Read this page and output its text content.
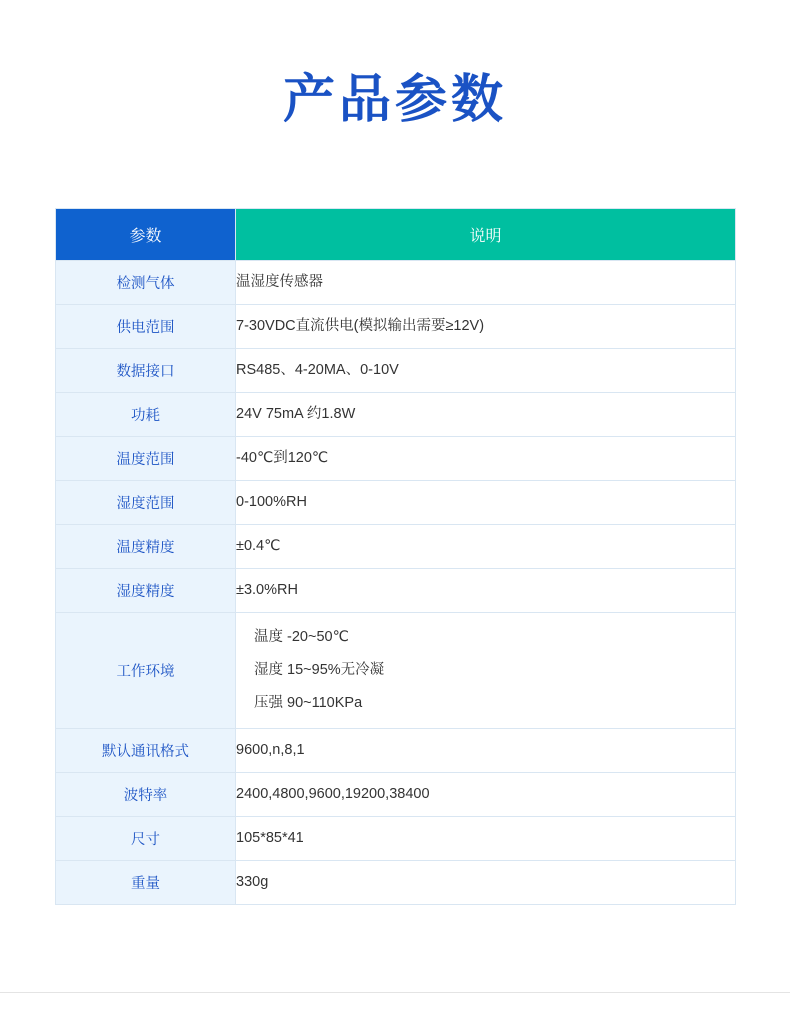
产品参数
参数	说明
检测气体	温湿度传感器

供电范围	7-30VDC直流供电(模拟输出需要≥12V)

数据接口	RS485、4-20MA、0-10V

功耗	24V 75mA 约1.8W

温度范围	-40℃到120℃

湿度范围	0-100%RH

温度精度	±0.4℃

湿度精度	±3.0%RH

工作环境	温度 -20~50℃
湿度 15~95%无冷凝
压强 90~110KPa

默认通讯格式	9600,n,8,1

波特率	2400,4800,9600,19200,38400

尺寸	105*85*41

重量	330g
